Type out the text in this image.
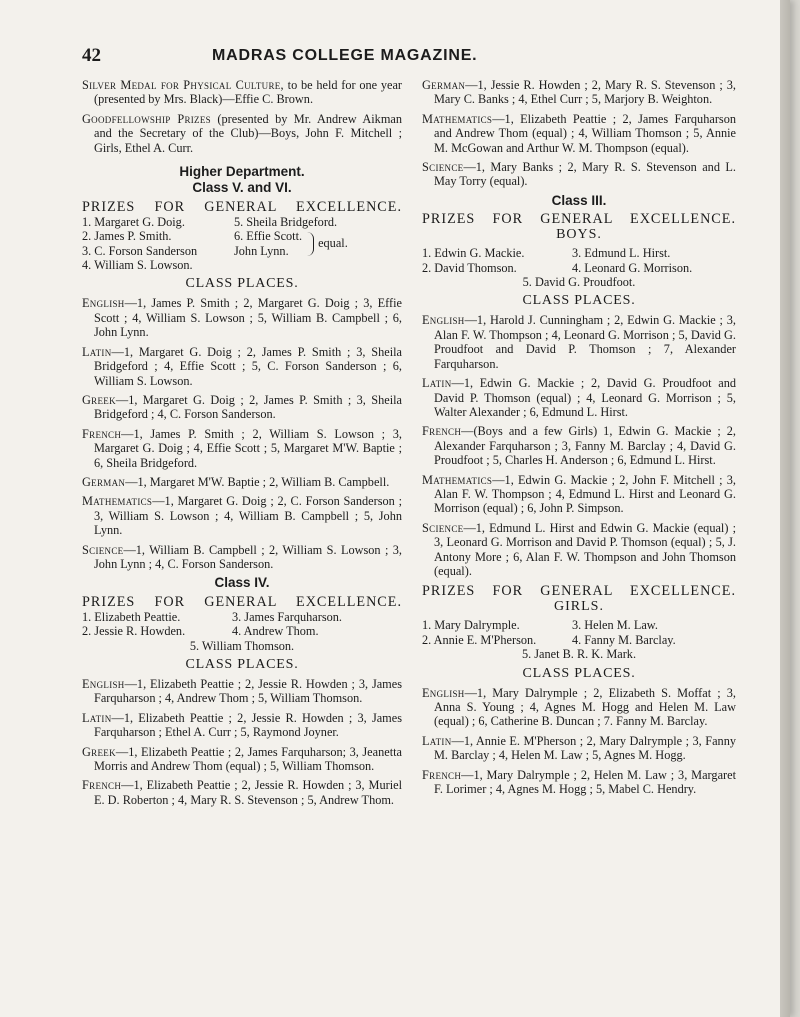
42	MADRAS COLLEGE MAGAZINE.

Silver Medal for Physical Culture, to be held for one year (presented by Mrs. Black)—Effie C. Brown.

Goodfellowship Prizes (presented by Mr. Andrew Aikman and the Secretary of the Club)—Boys, John F. Mitchell ; Girls, Ethel A. Curr.

Higher Department.
Class V. and VI.
PRIZES FOR GENERAL EXCELLENCE.
1. Margaret G. Doig.	5. Sheila Bridgeford.
2. James P. Smith.	6. Effie Scott.
3. C. Forson Sanderson	John Lynn.
equal.
4. William S. Lowson.
CLASS PLACES.

English—1, James P. Smith ; 2, Margaret G. Doig ; 3, Effie Scott ; 4, William S. Lowson ; 5, William B. Campbell ; 6, John Lynn.

Latin—1, Margaret G. Doig ; 2, James P. Smith ; 3, Sheila Bridgeford ; 4, Effie Scott ; 5, C. Forson Sanderson ; 6, William S. Lowson.

Greek—1, Margaret G. Doig ; 2, James P. Smith ; 3, Sheila Bridgeford ; 4, C. Forson Sanderson.

French—1, James P. Smith ; 2, William S. Lowson ; 3, Margaret G. Doig ; 4, Effie Scott ; 5, Margaret M'W. Baptie ; 6, Sheila Bridgeford.

German—1, Margaret M'W. Baptie ; 2, William B. Campbell.

Mathematics—1, Margaret G. Doig ; 2, C. Forson Sanderson ; 3, William S. Lowson ; 4, William B. Campbell ; 5, John Lynn.

Science—1, William B. Campbell ; 2, William S. Lowson ; 3, John Lynn ; 4, C. Forson Sanderson.

Class IV.
PRIZES FOR GENERAL EXCELLENCE.
1. Elizabeth Peattie.	3. James Farquharson.
2. Jessie R. Howden.	4. Andrew Thom.
5. William Thomson.
CLASS PLACES.

English—1, Elizabeth Peattie ; 2, Jessie R. Howden ; 3, James Farquharson ; 4, Andrew Thom ; 5, William Thomson.

Latin—1, Elizabeth Peattie ; 2, Jessie R. Howden ; 3, James Farquharson ; Ethel A. Curr ; 5, Raymond Joyner.

Greek—1, Elizabeth Peattie ; 2, James Farquharson; 3, Jeanetta Morris and Andrew Thom (equal) ; 5, William Thomson.

French—1, Elizabeth Peattie ; 2, Jessie R. Howden ; 3, Muriel E. D. Roberton ; 4, Mary R. S. Stevenson ; 5, Andrew Thom.

German—1, Jessie R. Howden ; 2, Mary R. S. Stevenson ; 3, Mary C. Banks ; 4, Ethel Curr ; 5, Marjory B. Weighton.

Mathematics—1, Elizabeth Peattie ; 2, James Farquharson and Andrew Thom (equal) ; 4, William Thomson ; 5, Annie M. McGowan and Arthur W. M. Thompson (equal).

Science—1, Mary Banks ; 2, Mary R. S. Stevenson and L. May Torry (equal).

Class III.
PRIZES FOR GENERAL EXCELLENCE.
BOYS.
1. Edwin G. Mackie.	3. Edmund L. Hirst.
2. David Thomson.	4. Leonard G. Morrison.
5. David G. Proudfoot.
CLASS PLACES.

English—1, Harold J. Cunningham ; 2, Edwin G. Mackie ; 3, Alan F. W. Thompson ; 4, Leonard G. Morrison ; 5, David G. Proudfoot and David P. Thomson ; 7, Alexander Farquharson.

Latin—1, Edwin G. Mackie ; 2, David G. Proudfoot and David P. Thomson (equal) ; 4, Leonard G. Morrison ; 5, Walter Alexander ; 6, Edmund L. Hirst.

French—(Boys and a few Girls) 1, Edwin G. Mackie ; 2, Alexander Farquharson ; 3, Fanny M. Barclay ; 4, David G. Proudfoot ; 5, Charles H. Anderson ; 6, Edmund L. Hirst.

Mathematics—1, Edwin G. Mackie ; 2, John F. Mitchell ; 3, Alan F. W. Thompson ; 4, Edmund L. Hirst and Leonard G. Morrison (equal) ; 6, John P. Simpson.

Science—1, Edmund L. Hirst and Edwin G. Mackie (equal) ; 3, Leonard G. Morrison and David P. Thomson (equal) ; 5, J. Antony More ; 6, Alan F. W. Thompson and John Thomson (equal).

PRIZES FOR GENERAL EXCELLENCE.
GIRLS.
1. Mary Dalrymple.	3. Helen M. Law.
2. Annie E. M'Pherson.	4. Fanny M. Barclay.
5. Janet B. R. K. Mark.
CLASS PLACES.

English—1, Mary Dalrymple ; 2, Elizabeth S. Moffat ; 3, Anna S. Young ; 4, Agnes M. Hogg and Helen M. Law (equal) ; 6, Catherine B. Duncan ; 7. Fanny M. Barclay.

Latin—1, Annie E. M'Pherson ; 2, Mary Dalrymple ; 3, Fanny M. Barclay ; 4, Helen M. Law ; 5, Agnes M. Hogg.

French—1, Mary Dalrymple ; 2, Helen M. Law ; 3, Margaret F. Lorimer ; 4, Agnes M. Hogg ; 5, Mabel C. Hendry.
